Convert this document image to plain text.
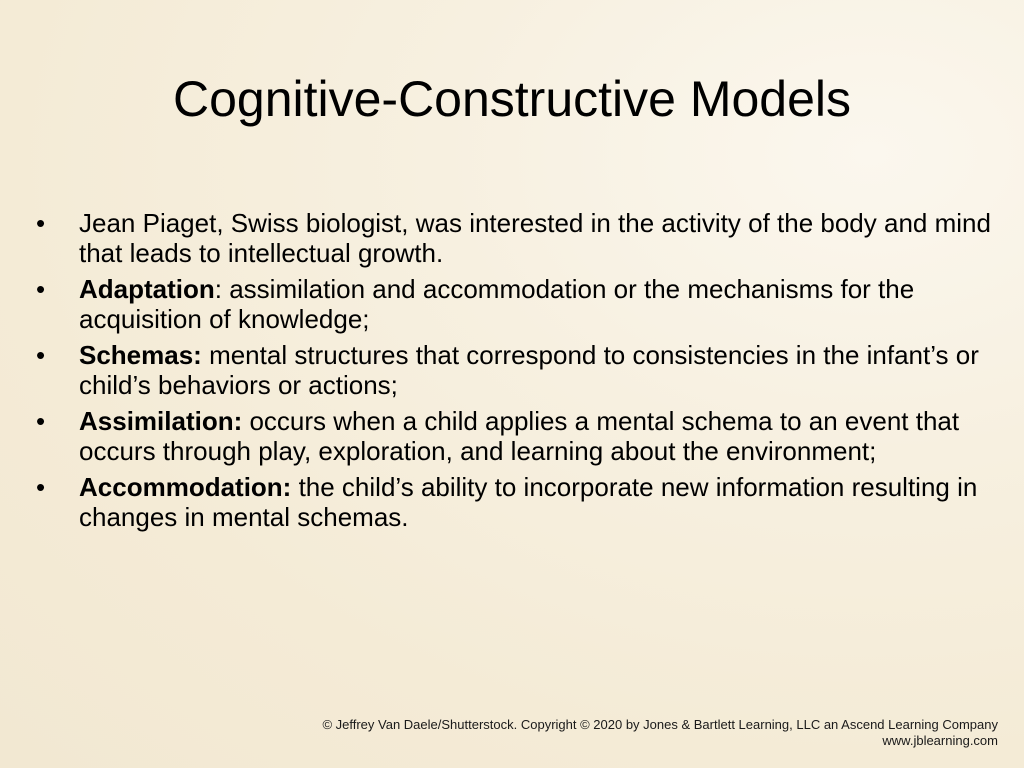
Cognitive-Constructive Models
•	Jean Piaget, Swiss biologist, was interested in the activity of the body and mind that leads to intellectual growth.
•	Adaptation: assimilation and accommodation or the mechanisms for the acquisition of knowledge;
•	Schemas: mental structures that correspond to consistencies in the infant’s or child’s behaviors or actions;
•	Assimilation: occurs when a child applies a mental schema to an event that occurs through play, exploration, and learning about the environment;
•	Accommodation: the child’s ability to incorporate new information resulting in changes in mental schemas.
© Jeffrey Van Daele/Shutterstock. Copyright © 2020 by Jones & Bartlett Learning, LLC an Ascend Learning Company
www.jblearning.com
